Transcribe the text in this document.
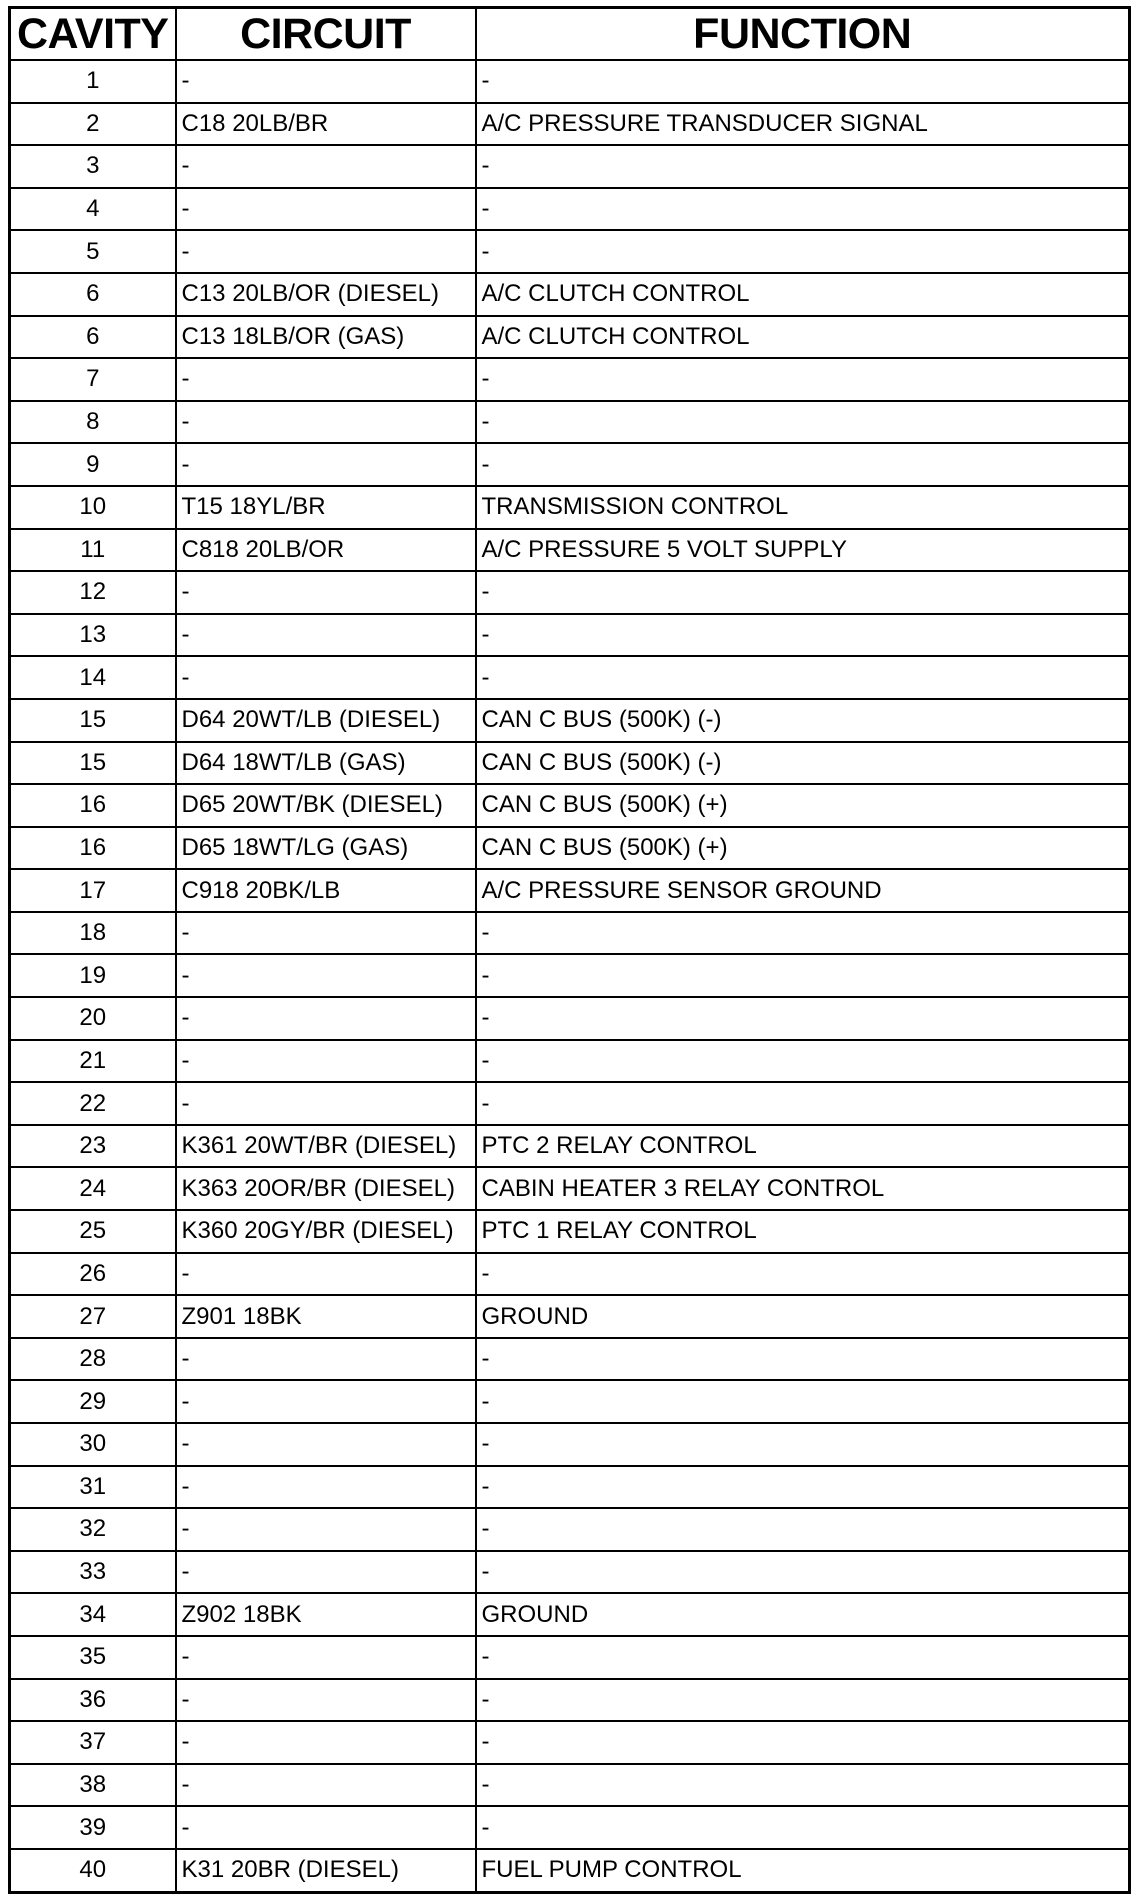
CAVITY	CIRCUIT	FUNCTION
1	-	-
2	C18 20LB/BR	A/C PRESSURE TRANSDUCER SIGNAL
3	-	-
4	-	-
5	-	-
6	C13 20LB/OR (DIESEL)	A/C CLUTCH CONTROL
6	C13 18LB/OR (GAS)	A/C CLUTCH CONTROL
7	-	-
8	-	-
9	-	-
10	T15 18YL/BR	TRANSMISSION CONTROL
11	C818 20LB/OR	A/C PRESSURE 5 VOLT SUPPLY
12	-	-
13	-	-
14	-	-
15	D64 20WT/LB (DIESEL)	CAN C BUS (500K) (-)
15	D64 18WT/LB (GAS)	CAN C BUS (500K) (-)
16	D65 20WT/BK (DIESEL)	CAN C BUS (500K) (+)
16	D65 18WT/LG (GAS)	CAN C BUS (500K) (+)
17	C918 20BK/LB	A/C PRESSURE SENSOR GROUND
18	-	-
19	-	-
20	-	-
21	-	-
22	-	-
23	K361 20WT/BR (DIESEL)	PTC 2 RELAY CONTROL
24	K363 20OR/BR (DIESEL)	CABIN HEATER 3 RELAY CONTROL
25	K360 20GY/BR (DIESEL)	PTC 1 RELAY CONTROL
26	-	-
27	Z901 18BK	GROUND
28	-	-
29	-	-
30	-	-
31	-	-
32	-	-
33	-	-
34	Z902 18BK	GROUND
35	-	-
36	-	-
37	-	-
38	-	-
39	-	-
40	K31 20BR (DIESEL)	FUEL PUMP CONTROL
